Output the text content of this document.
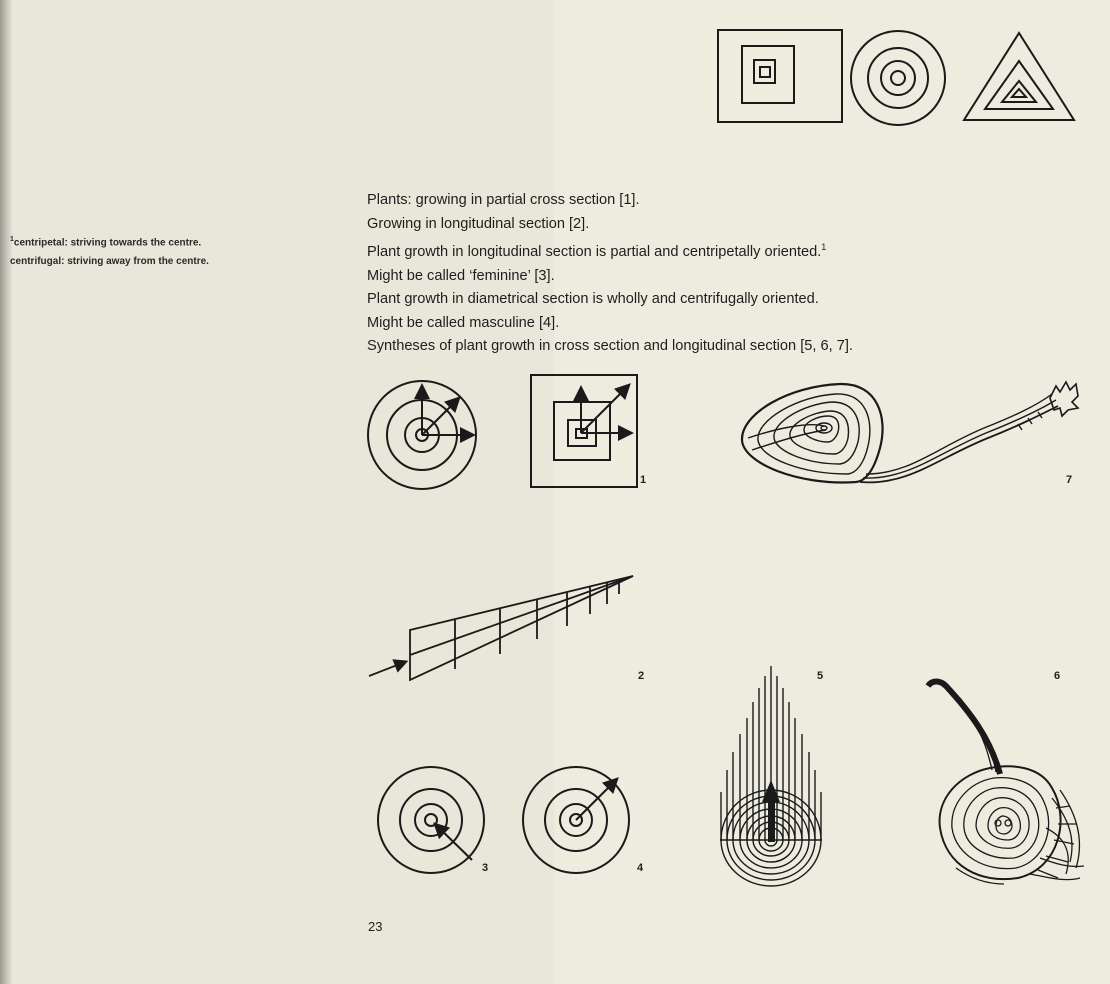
$^1$centripetal: striving towards the centre.
centrifugal: striving away from the centre.
Plants: growing in partial cross section [1].
Growing in longitudinal section [2].
Plant growth in longitudinal section is partial and centripetally oriented.$^1$
Might be called ‘feminine’ [3].
Plant growth in diametrical section is wholly and centrifugally oriented.
Might be called masculine [4].
Syntheses of plant growth in cross section and longitudinal section [5, 6, 7].
1	7
2
3	4
5	6
23
